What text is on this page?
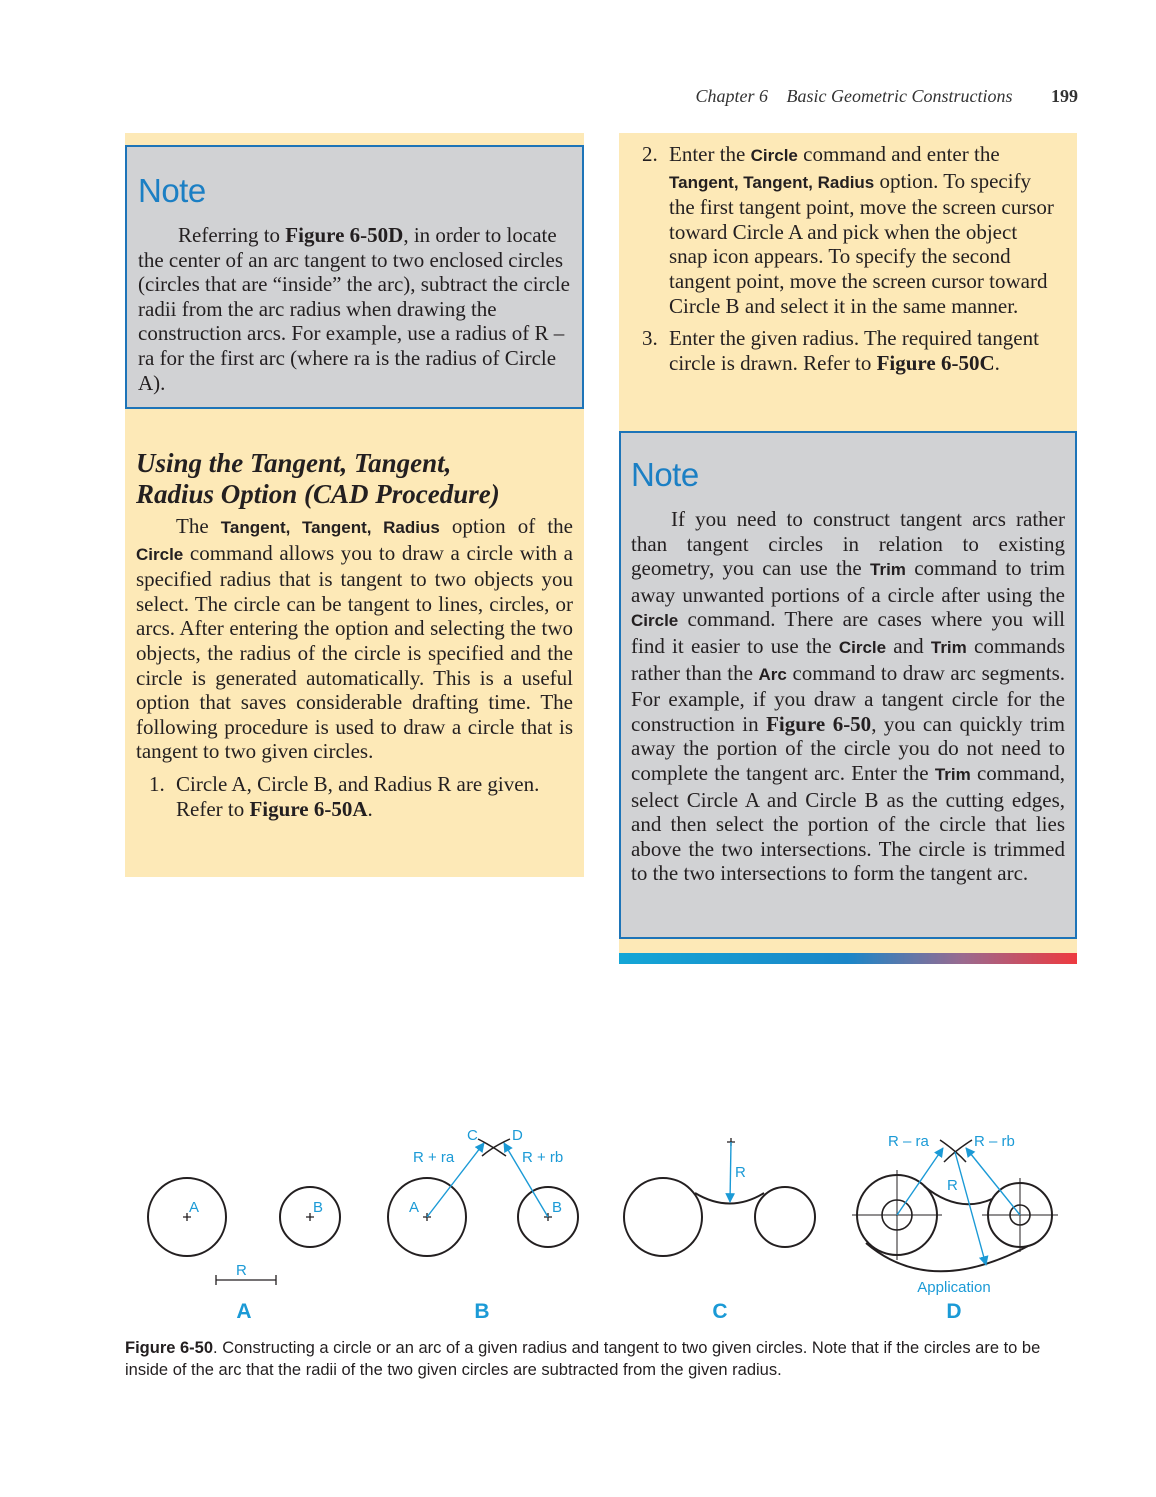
Chapter 6 Basic Geometric Constructions 199
Note
Referring to Figure 6-50D, in order to locate the center of an arc tangent to two enclosed circles (circles that are “inside” the arc), subtract the circle radii from the arc radius when drawing the construction arcs. For example, use a radius of R – ra for the first arc (where ra is the radius of Circle A).
Using the Tangent, Tangent,
Radius Option (CAD Procedure)
The Tangent, Tangent, Radius option of the Circle command allows you to draw a circle with a specified radius that is tangent to two objects you select. The circle can be tangent to lines, circles, or arcs. After entering the option and selecting the two objects, the radius of the circle is specified and the circle is generated automatically. This is a useful option that saves considerable drafting time. The following procedure is used to draw a circle that is tangent to two given circles.
1. Circle A, Circle B, and Radius R are given. Refer to Figure 6-50A.
2. Enter the Circle command and enter the Tangent, Tangent, Radius option. To specify the first tangent point, move the screen cursor toward Circle A and pick when the object snap icon appears. To specify the second tangent point, move the screen cursor toward Circle B and select it in the same manner.
3. Enter the given radius. The required tangent circle is drawn. Refer to Figure 6-50C.
Note
If you need to construct tangent arcs rather than tangent circles in relation to existing geometry, you can use the Trim command to trim away unwanted portions of a circle after using the Circle command. There are cases where you will find it easier to use the Circle and Trim commands rather than the Arc command to draw arc segments. For example, if you draw a tangent circle for the construction in Figure 6-50, you can quickly trim away the portion of the circle you do not need to complete the tangent arc. Enter the Trim command, select Circle A and Circle B as the cutting edges, and then select the portion of the circle that lies above the two intersections. The circle is trimmed to the two intersections to form the tangent arc.
A	B
R
A
A	B
C D
R + ra	R + rb
B
R
C
R – ra	R – rb
R
Application
D
Figure 6-50. Constructing a circle or an arc of a given radius and tangent to two given circles. Note that if the circles are to be inside of the arc that the radii of the two given circles are subtracted from the given radius.
